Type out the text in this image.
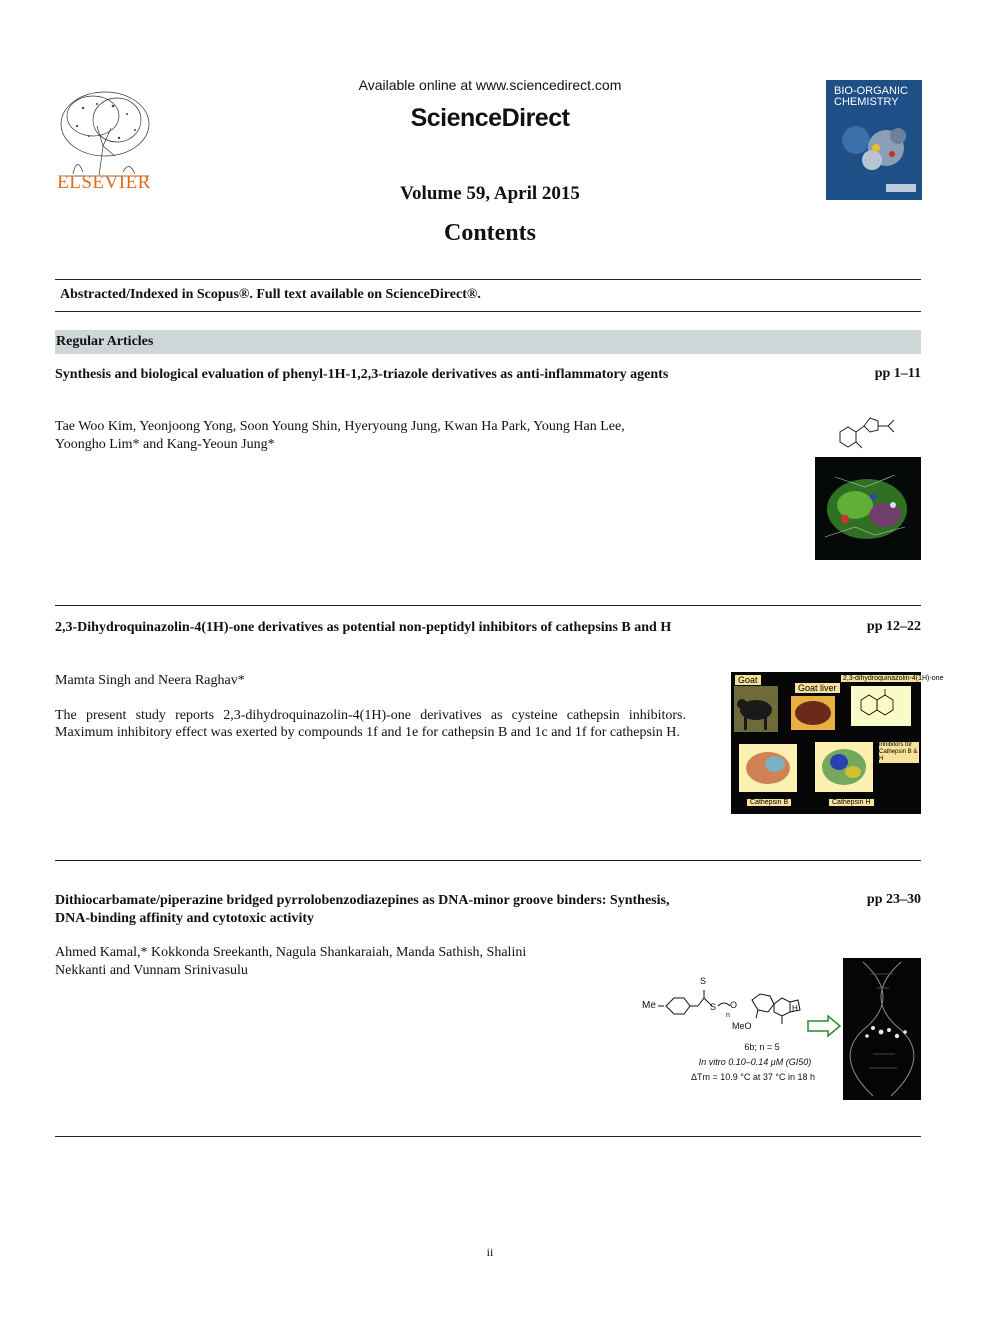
ELSEVIER
Available online at www.sciencedirect.com
ScienceDirect
BIO-ORGANIC CHEMISTRY
Volume 59, April 2015
Contents
Abstracted/Indexed in Scopus®. Full text available on ScienceDirect®.
Regular Articles
Synthesis and biological evaluation of phenyl-1H-1,2,3-triazole derivatives as anti-inflammatory agents	pp 1–11
Tae Woo Kim, Yeonjoong Yong, Soon Young Shin, Hyeryoung Jung, Kwan Ha Park, Young Han Lee, Yoongho Lim* and Kang-Yeoun Jung*
2,3-Dihydroquinazolin-4(1H)-one derivatives as potential non-peptidyl inhibitors of cathepsins B and H	pp 12–22
Mamta Singh and Neera Raghav*
The present study reports 2,3-dihydroquinazolin-4(1H)-one derivatives as cysteine cathepsin inhibitors. Maximum inhibitory effect was exerted by compounds 1f and 1e for cathepsin B and 1c and 1f for cathepsin H.
Goat
Goat liver
2,3-dihydroquinazolin-4(1H)-one
Inhibitors for Cathepsin B & H
Cathepsin B	Cathepsin H
Dithiocarbamate/piperazine bridged pyrrolobenzodiazepines as DNA-minor groove binders: Synthesis, DNA-binding affinity and cytotoxic activity
pp 23–30
Ahmed Kamal,* Kokkonda Sreekanth, Nagula Shankaraiah, Manda Sathish, Shalini Nekkanti and Vunnam Srinivasulu
Me
S
S O
n
MeO
H
6b; n = 5
In vitro 0.10–0.14 μM (GI50)
ΔTm = 10.9 °C at 37 °C in 18 h
ii
